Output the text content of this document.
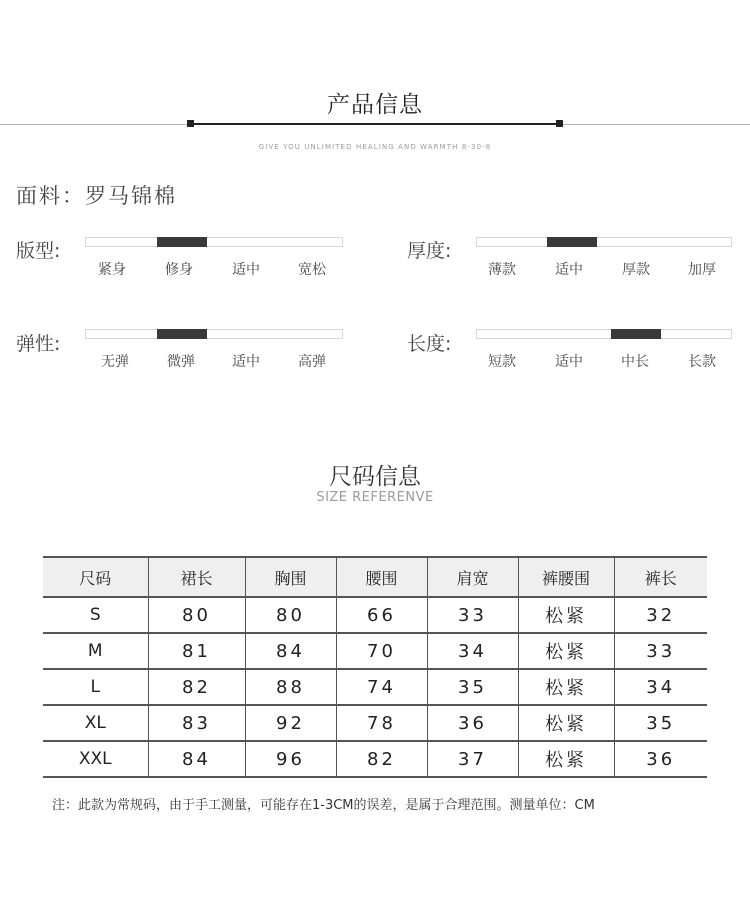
产品信息
GIVE YOU UNLIMITED HEALING AND WARMTH 8-30-8
面料：罗马锦棉
版型:
紧身	修身	适中	宽松
厚度:
薄款	适中	厚款	加厚
弹性:
无弹	微弹	适中	高弹
长度:
短款	适中	中长	长款
尺码信息
SIZE REFERENVE
尺码	裙长	胸围	腰围	肩宽	裤腰围	裤长
S	80	80	66	33	松紧	32
M	81	84	70	34	松紧	33
L	82	88	74	35	松紧	34
XL	83	92	78	36	松紧	35
XXL	84	96	82	37	松紧	36
注：此款为常规码，由于手工测量，可能存在1-3CM的误差，是属于合理范围。测量单位：CM
